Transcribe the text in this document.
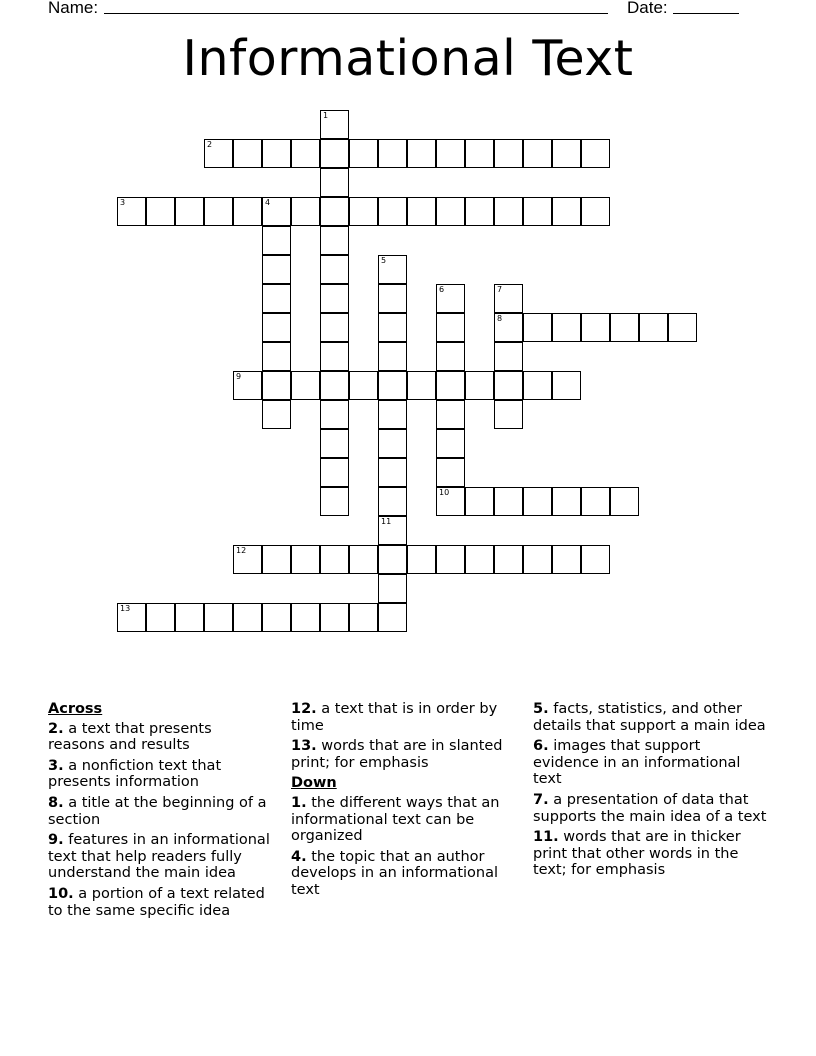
Name:	Date:
Informational Text
1
2
3	4
5
6
10
7
8
9
11
12
13
Across
2. a text that presents reasons and results
3. a nonfiction text that presents information
8. a title at the beginning of a section
9. features in an informational text that help readers fully understand the main idea
10. a portion of a text related to the same specific idea
12. a text that is in order by time
13. words that are in slanted print; for emphasis
Down
1. the different ways that an informational text can be organized
4. the topic that an author develops in an informational text
5. facts, statistics, and other details that support a main idea
6. images that support evidence in an informational text
7. a presentation of data that supports the main idea of a text
11. words that are in thicker print that other words in the text; for emphasis
